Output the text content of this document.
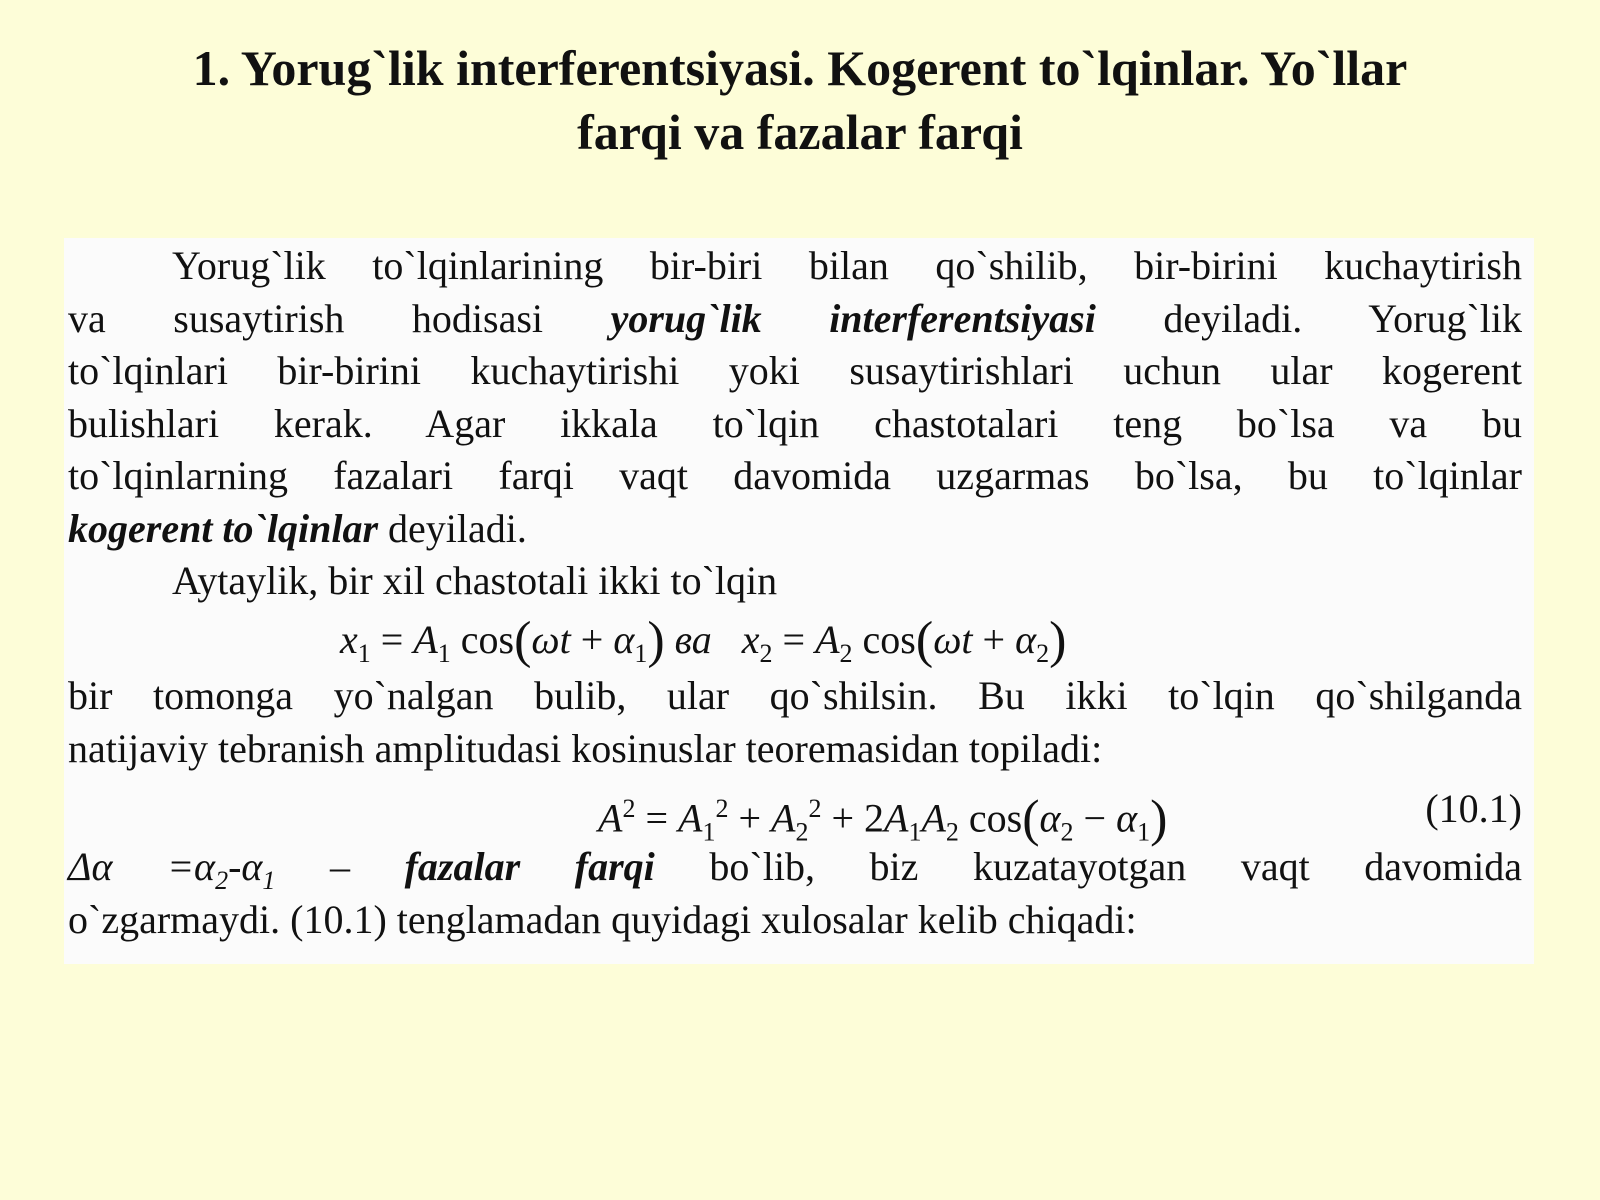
1. Yorug`lik interferentsiyasi. Kogerent to`lqinlar. Yo`llar
farqi va fazalar farqi
Yorug`lik to`lqinlarining bir-biri bilan qo`shilib, bir-birini kuchaytirish
va susaytirish hodisasi yorug`lik interferentsiyasi deyiladi. Yorug`lik
to`lqinlari bir-birini kuchaytirishi yoki susaytirishlari uchun ular kogerent
bulishlari kerak. Agar ikkala to`lqin chastotalari teng bo`lsa va bu
to`lqinlarning fazalari farqi vaqt davomida uzgarmas bo`lsa, bu to`lqinlar
kogerent to`lqinlar deyiladi.
Aytaylik, bir xil chastotali ikki to`lqin
$x_1 = A_1$ $\cos(\omega t + \alpha_1)$ ва $x_2 = A_2$ $\cos(\omega t + \alpha_2)$
bir tomonga yo`nalgan bulib, ular qo`shilsin. Bu ikki to`lqin qo`shilganda
natijaviy tebranish amplitudasi kosinuslar teoremasidan topiladi:
$A^2 = A_1^2 + A_2^2 + 2A_1A_2$ $\cos(\alpha_2 - \alpha_1)$	(10.1)
$\Delta\alpha =\alpha_2-\alpha_1$ – fazalar farqi bo`lib, biz kuzatayotgan vaqt davomida
o`zgarmaydi. (10.1) tenglamadan quyidagi xulosalar kelib chiqadi:
